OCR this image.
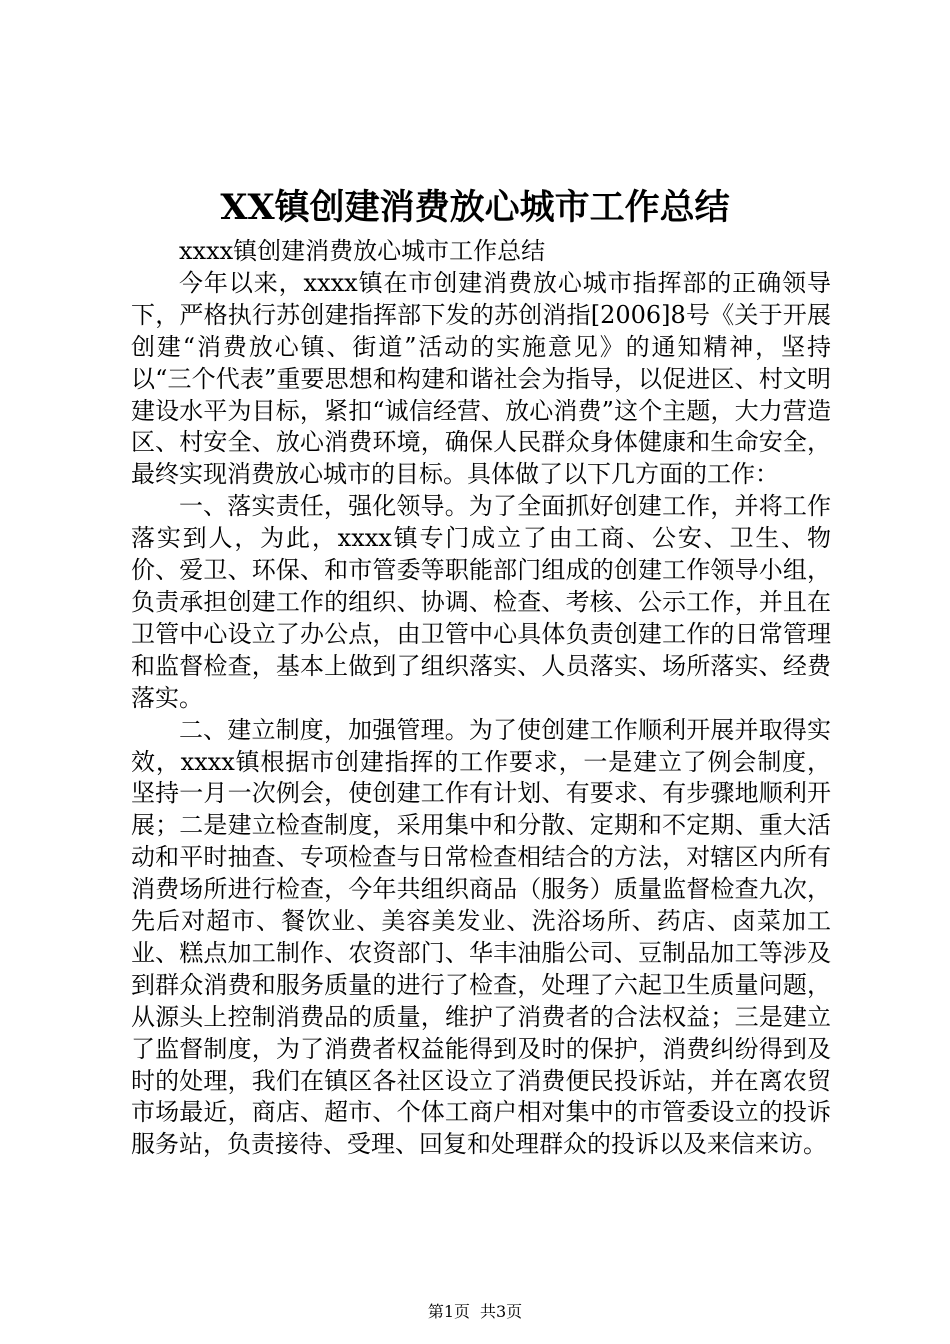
XX镇创建消费放心城市工作总结

xxxx镇创建消费放心城市工作总结

今年以来，xxxx镇在市创建消费放心城市指挥部的正确领导下，严格执行苏创建指挥部下发的苏创消指[2006]8号《关于开展创建“消费放心镇、街道”活动的实施意见》的通知精神，坚持以“三个代表”重要思想和构建和谐社会为指导，以促进区、村文明建设水平为目标，紧扣“诚信经营、放心消费”这个主题，大力营造区、村安全、放心消费环境，确保人民群众身体健康和生命安全，最终实现消费放心城市的目标。具体做了以下几方面的工作：

一、落实责任，强化领导。为了全面抓好创建工作，并将工作落实到人，为此，xxxx镇专门成立了由工商、公安、卫生、物价、爱卫、环保、和市管委等职能部门组成的创建工作领导小组，负责承担创建工作的组织、协调、检查、考核、公示工作，并且在卫管中心设立了办公点，由卫管中心具体负责创建工作的日常管理和监督检查，基本上做到了组织落实、人员落实、场所落实、经费落实。

二、建立制度，加强管理。为了使创建工作顺利开展并取得实效，xxxx镇根据市创建指挥的工作要求，一是建立了例会制度，坚持一月一次例会，使创建工作有计划、有要求、有步骤地顺利开展；二是建立检查制度，采用集中和分散、定期和不定期、重大活动和平时抽查、专项检查与日常检查相结合的方法，对辖区内所有消费场所进行检查，今年共组织商品（服务）质量监督检查九次，先后对超市、餐饮业、美容美发业、洗浴场所、药店、卤菜加工业、糕点加工制作、农资部门、华丰油脂公司、豆制品加工等涉及到群众消费和服务质量的进行了检查，处理了六起卫生质量问题，从源头上控制消费品的质量，维护了消费者的合法权益；三是建立了监督制度，为了消费者权益能得到及时的保护，消费纠纷得到及时的处理，我们在镇区各社区设立了消费便民投诉站，并在离农贸市场最近，商店、超市、个体工商户相对集中的市管委设立的投诉服务站，负责接待、受理、回复和处理群众的投诉以及来信来访。

第1页 共3页
